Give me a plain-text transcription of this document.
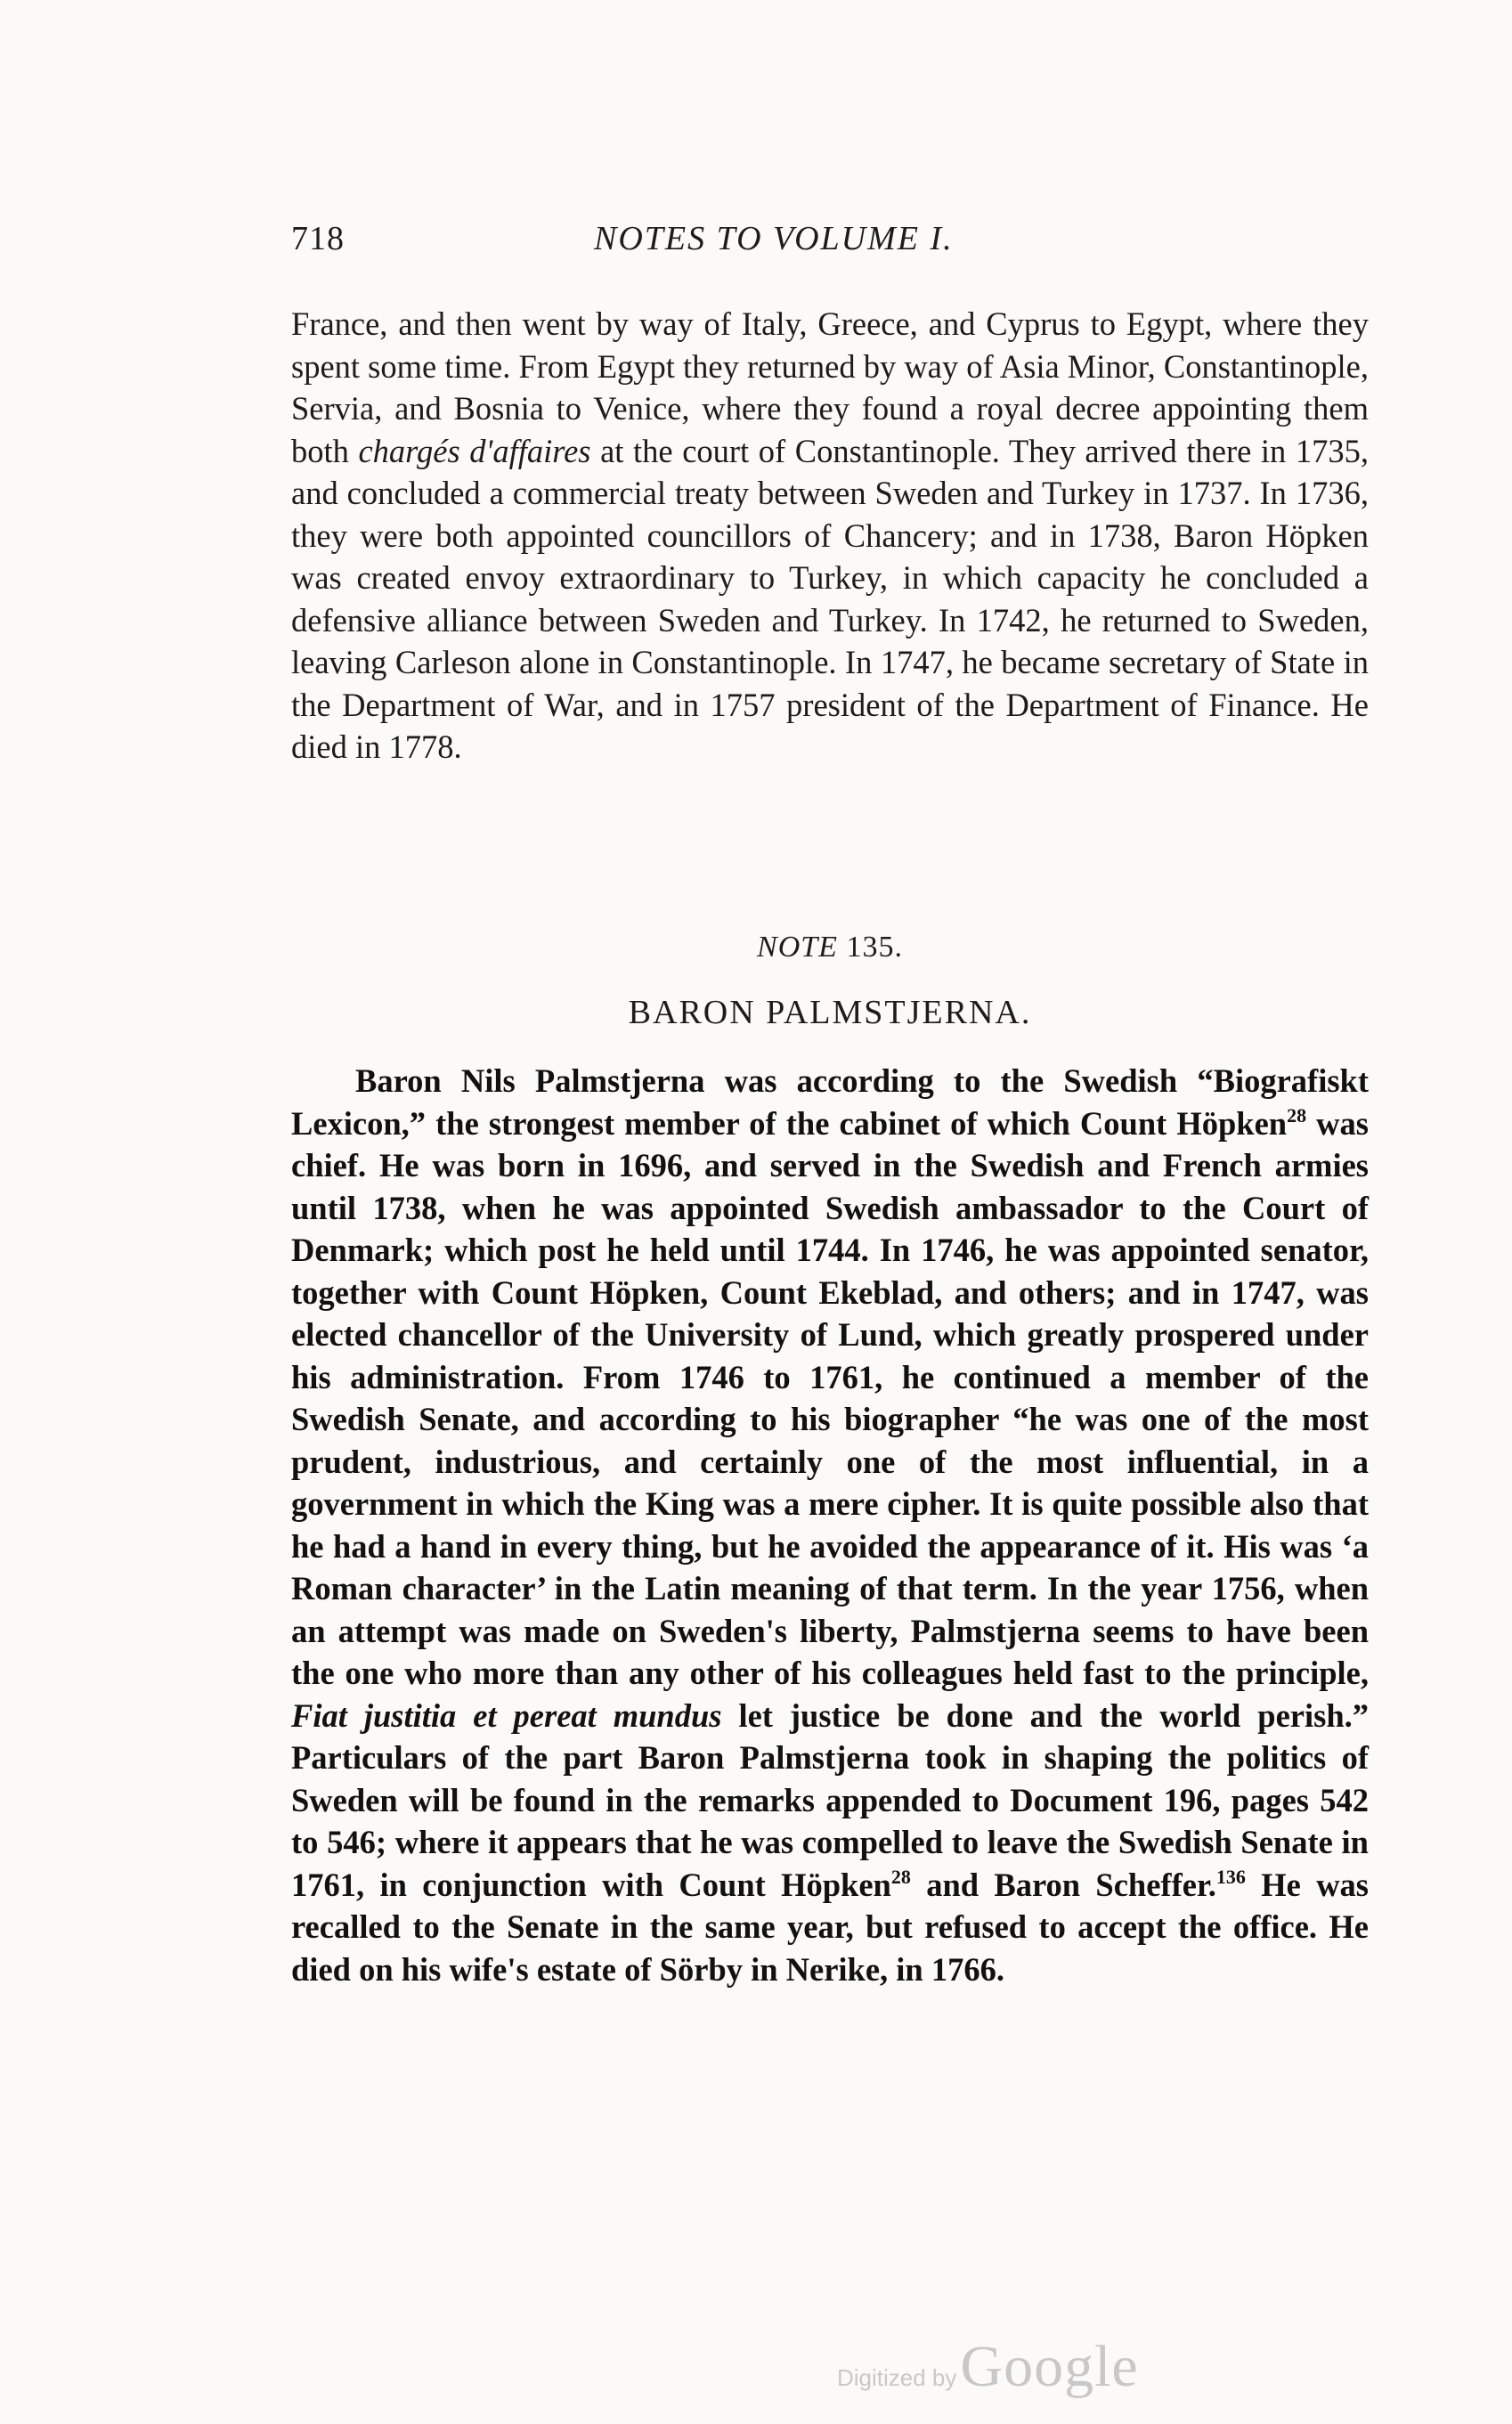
718	NOTES TO VOLUME I.

France, and then went by way of Italy, Greece, and Cyprus to Egypt, where they spent some time. From Egypt they returned by way of Asia Minor, Constantinople, Servia, and Bosnia to Venice, where they found a royal decree appointing them both chargés d'affaires at the court of Constantinople. They arrived there in 1735, and concluded a commercial treaty between Sweden and Turkey in 1737. In 1736, they were both appointed councillors of Chancery; and in 1738, Baron Höpken was created envoy extraordinary to Turkey, in which capacity he concluded a defensive alliance between Sweden and Turkey. In 1742, he returned to Sweden, leaving Carleson alone in Constantinople. In 1747, he became secretary of State in the Department of War, and in 1757 president of the Department of Finance. He died in 1778.

NOTE 135.
BARON PALMSTJERNA.

Baron Nils Palmstjerna was according to the Swedish “Biografiskt Lexicon,” the strongest member of the cabinet of which Count Höpken$^{28}$ was chief. He was born in 1696, and served in the Swedish and French armies until 1738, when he was appointed Swedish ambassador to the Court of Denmark; which post he held until 1744. In 1746, he was appointed senator, together with Count Höpken, Count Ekeblad, and others; and in 1747, was elected chancellor of the University of Lund, which greatly prospered under his administration. From 1746 to 1761, he continued a member of the Swedish Senate, and according to his biographer “he was one of the most prudent, industrious, and certainly one of the most influential, in a government in which the King was a mere cipher. It is quite possible also that he had a hand in every thing, but he avoided the appearance of it. His was ‘a Roman character’ in the Latin meaning of that term. In the year 1756, when an attempt was made on Sweden's liberty, Palmstjerna seems to have been the one who more than any other of his colleagues held fast to the principle, Fiat justitia et pereat mundus let justice be done and the world perish.” Particulars of the part Baron Palmstjerna took in shaping the politics of Sweden will be found in the remarks appended to Document 196, pages 542 to 546; where it appears that he was compelled to leave the Swedish Senate in 1761, in conjunction with Count Höpken$^{28}$ and Baron Scheffer.$^{136}$ He was recalled to the Senate in the same year, but refused to accept the office. He died on his wife's estate of Sörby in Nerike, in 1766.

Digitized by Google
